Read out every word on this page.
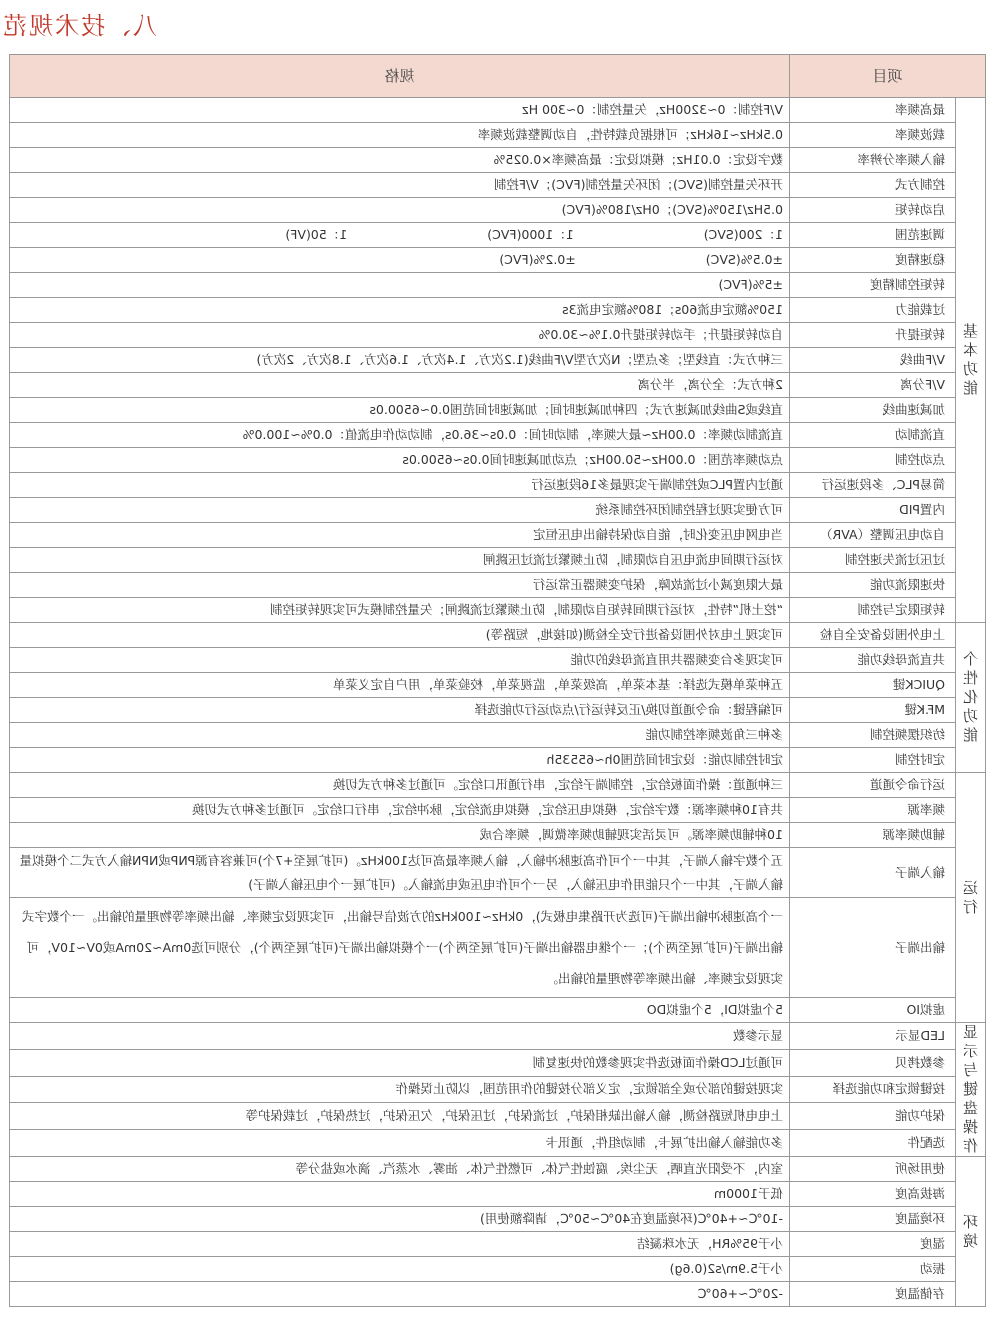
八、技术规范
项目		规格
基本功能	最高频率	V/F控制：0~3200Hz，矢量控制：0~300 Hz
	载波频率	0.5kHz~16kHz；可根据负载特性，自动调整载波频率
	输入频率分辨率	数字设定：0.01Hz；模拟设定：最高频率×0.025%
	控制方式	开环矢量控制(SVC)；闭环矢量控制(FVC)；V/F控制
	启动转矩	0.5Hz/150%(SVC)；0Hz/180%(FVC)
	调速范围	1：200(SVC)1：1000(FVC)1：50(VF)
	稳速精度	±0.5%(SVC)±0.2%(FVC)
	转矩控制精度	±5%(FVC)
	过载能力	150%额定电流60s；180%额定电流3s
	转矩提升	自动转矩提升；手动转矩提升0.1%~30.0%
	V/F曲线	三种方式：直线型；多点型；N次方型V/F曲线(1.2次方、1.4次方、1.6次方、1.8次方、2次方)
	V/F分离	2种方式：全分离，半分离
	加减速曲线	直线或S曲线加减速方式；四种加减速时间；加减速时间范围0.0~6500.0s
	直流制动	直流制动频率：0.00Hz~最大频率，制动时间：0.0s~36.0s，制动动作电流值：0.0%~100.0%
	点动控制	点动频率范围：0.00Hz~50.00Hz；点动加减速时间0.0s~6500.0s
	简易PLC、多段速运行	通过内置PLC或控制端子实现最多16段速运行
	内置PID	可方便实现过程控制闭环控制系统
	自动电压调整（AVR）	当电网电压变化时，能自动保持输出电压恒定
	过压过流失速控制	对运行期间电流电压自动限制，防止频繁过流过压跳闸
	快速限流功能	最大限度减小过流故障，保护变频器正常运行
	转矩限定与控制	“挖土机”特性，对运行期间转矩自动限制，防止频繁过流跳闸；矢量控制模式可实现转矩控制
个性化功能	上电外围设备安全自检	可实现上电对外围设备进行安全检测(如接地，短路等)
	共直流母线功能	可实现多台变频器共用直流母线的功能
	QUICK键	五种菜单模式选择：基本菜单，高级菜单，监视菜单，校验菜单，用户自定义菜单
	MF.K键	可编程键：命令通道切换/正反转运行/点动运行功能选择
	纺织摆频控制	多种三角波频率控制功能
	定时控制	定时控制功能：设定时间范围0h~65535h
运行	运行命令通道	三种通道：操作面板给定，控制端子给定，串行通讯口给定。可通过多种方式切换
	频率源	共有10种频率源：数字给定，模拟电压给定，模拟电流给定，脉冲给定，串行口给定。可通过多种方式切换
	辅助频率源	10种辅助频率源。可灵活实现辅助频率微调，频率合成
	输入端子	五个数字输入端子，其中一个可作高速脉冲输入，输入频率最高可达100kHz。(可扩展至+7个)可兼容有源PNP或NPN输入方式二个模拟量输入端子，其中一个只能用作电压输入，另一个可作电压或电流输入。(可扩展一个电压输入端子)
	输出端子	一个高速脉冲输出端子(可选为开路集电极式)，0kHz~100kHz的方波信号输出，可实现设定频率、输出频率等物理量的输出。一个数字式输出端子(可扩展至两个)；一个继电器输出端子(可扩展至两个)一个模拟输出端子(可扩展至两个)，分别可选0mA~20mA或0V~10V，可实现设定频率、输出频率等物理量的输出。
	虚拟IO	5个虚拟DI，5个虚拟DO
显示与键盘操作	LED显示	显示参数
	参数拷贝	可通过LCD操作面板选件实现参数的快速复制
	按键锁定和功能选择	实现按键的部分或全部锁定，定义部分按键的作用范围，以防止误操作
	保护功能	上电电机短路检测，输入输出缺相保护，过流保护，过压保护，欠压保护，过热保护，过载保护等
	选配件	多功能输入输出扩展卡，制动组件，通讯卡
环境	使用场所	室内，不受阳光直晒，无尘埃、腐蚀性气体、可燃性气体、油雾、水蒸汽、滴水或盐分等
	海拔高度	低于1000m
	环境温度	-10℃~+40℃(环境温度在40℃~50℃，请降额使用)
	湿度	小于95%RH，无水珠凝结
	振动	小于5.9m/s2(0.6g)
	存储温度	-20℃~+60℃
